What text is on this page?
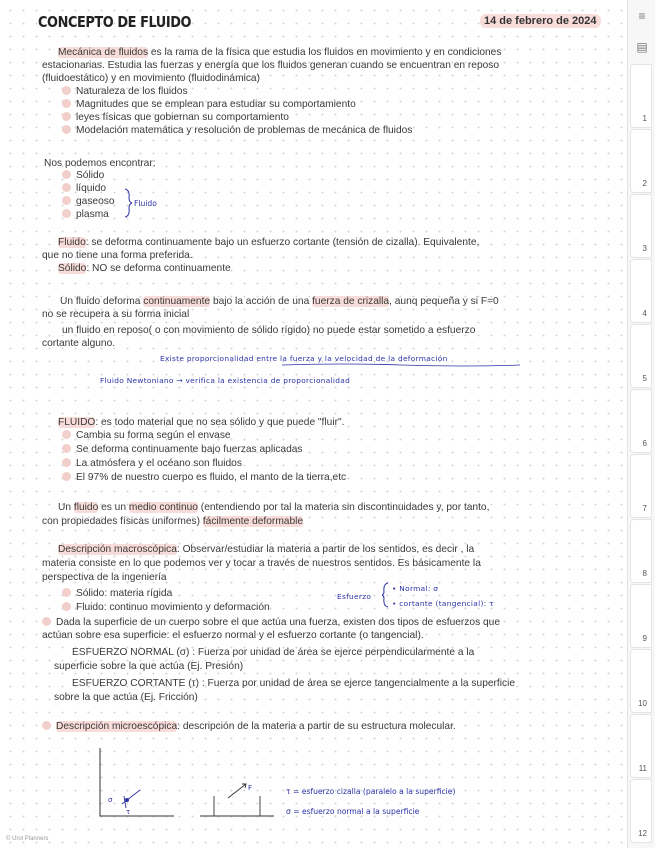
CONCEPTO DE FLUIDO	14 de febrero de 2024
Mecánica de fluidos es la rama de la física que estudia los fluidos en movimiento y en condiciones
estacionarias. Estudia las fuerzas y energía que los fluidos generan cuando se encuentran en reposo
(fluidoestático) y en movimiento (fluidodinámica)
Naturaleza de los fluidos
Magnitudes que se emplean para estudiar su comportamiento
leyes físicas que gobiernan su comportamiento
Modelación matemática y resolución de problemas de mecánica de fluidos
Nos podemos encontrar:
Sólido
líquido
gaseoso
plasma
Fluido
Fluido: se deforma continuamente bajo un esfuerzo cortante (tensión de cizalla). Equivalente,
que no tiene una forma preferida.
Sólido: NO se deforma continuamente
Un fluido deforma continuamente bajo la acción de una fuerza de crizalla, aunq pequeña y si F=0
no se recupera a su forma inicial
un fluido en reposo( o con movimiento de sólido rígido) no puede estar sometido a esfuerzo
cortante alguno.
Existe proporcionalidad entre la fuerza y la velocidad de la deformación
Fluido Newtoniano → verifica la existencia de proporcionalidad
FLUIDO: es todo material que no sea sólido y que puede "fluir".
Cambia su forma según el envase
Se deforma continuamente bajo fuerzas aplicadas
La atmósfera y el océano son fluidos
El 97% de nuestro cuerpo es fluido, el manto de la tierra,etc
Un fluido es un medio continuo (entendiendo por tal la materia sin discontinuidades y, por tanto,
con propiedades físicas uniformes) fácilmente deformable
Descripción macroscópica: Observar/estudiar la materia a partir de los sentidos, es decir , la
materia consiste en lo que podemos ver y tocar a través de nuestros sentidos. Es básicamente la
perspectiva de la ingeniería
Sólido: materia rígida
Fluido: continuo movimiento y deformación
Esfuerzo
• Normal: σ
• cortante (tangencial): τ
Dada la superficie de un cuerpo sobre el que actúa una fuerza, existen dos tipos de esfuerzos que
actúan sobre esa superficie: el esfuerzo normal y el esfuerzo cortante (o tangencial).
ESFUERZO NORMAL (σ) : Fuerza por unidad de área se ejerce perpendicularmente a la
superficie sobre la que actúa (Ej. Presión)
ESFUERZO CORTANTE (τ) : Fuerza por unidad de área se ejerce tangencialmente a la superficie
sobre la que actúa (Ej. Fricción)
Descripción microescópica: descripción de la materia a partir de su estructura molecular.
σ
τ
F	τ = esfuerzo cizalla (paralelo a la superficie)
σ = esfuerzo normal a la superficie
© Urol Planners
≡
▤
1
2
3
4
5
6
7
8
9
10
11
12
